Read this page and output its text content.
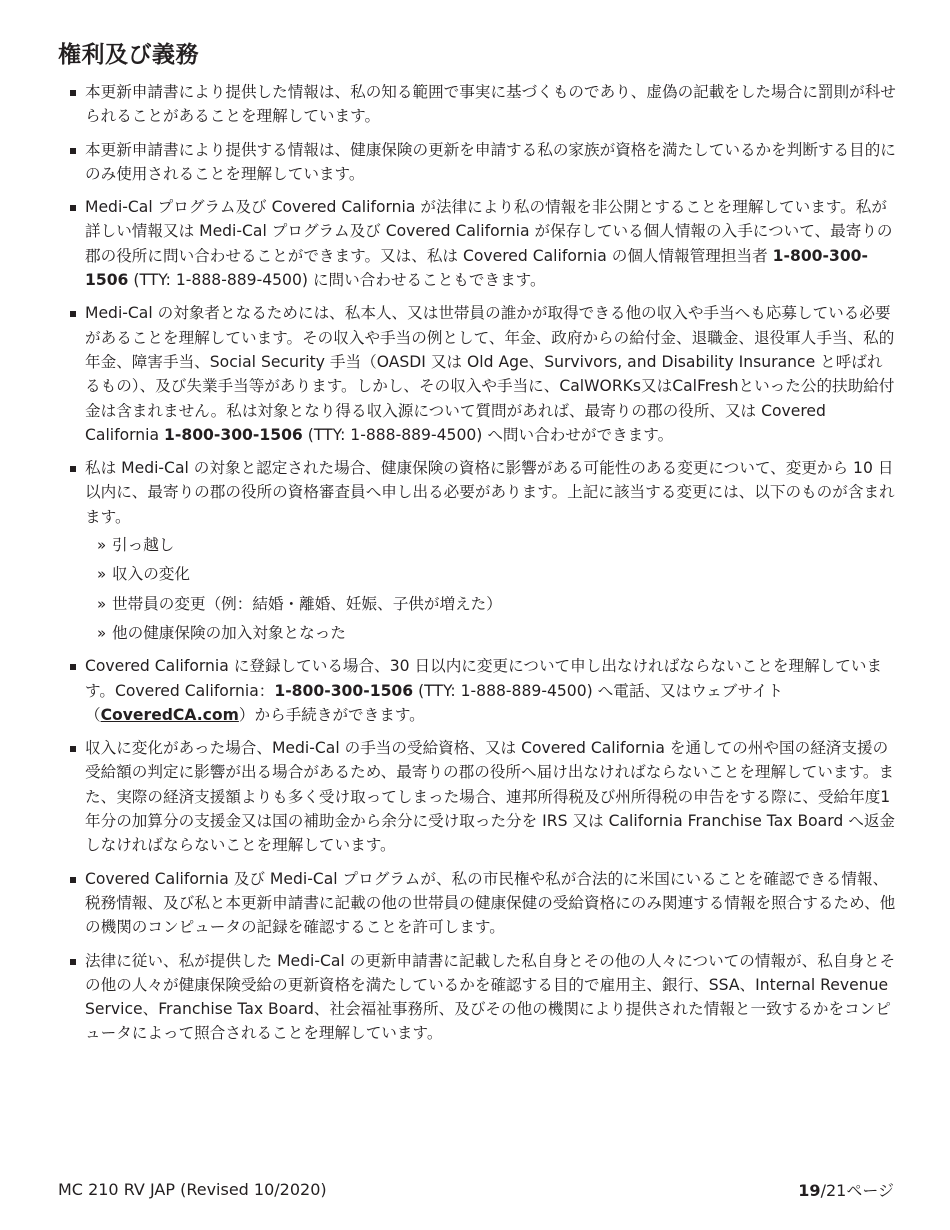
権利及び義務
本更新申請書により提供した情報は、私の知る範囲で事実に基づくものであり、虚偽の記載をした場合に罰則が科せられることがあることを理解しています。
本更新申請書により提供する情報は、健康保険の更新を申請する私の家族が資格を満たしているかを判断する目的にのみ使用されることを理解しています。
Medi-Cal プログラム及び Covered California が法律により私の情報を非公開とすることを理解しています。私が詳しい情報又は Medi-Cal プログラム及び Covered California が保存している個人情報の入手について、最寄りの郡の役所に問い合わせることができます。又は、私は Covered California の個人情報管理担当者 1-800-300-1506 (TTY: 1-888-889-4500) に問い合わせることもできます。
Medi-Cal の対象者となるためには、私本人、又は世帯員の誰かが取得できる他の収入や手当へも応募している必要があることを理解しています。その収入や手当の例として、年金、政府からの給付金、退職金、退役軍人手当、私的年金、障害手当、Social Security 手当（OASDI 又は Old Age、Survivors, and Disability Insurance と呼ばれるもの）、及び失業手当等があります。しかし、その収入や手当に、CalWORKs又はCalFreshといった公的扶助給付金は含まれません。私は対象となり得る収入源について質問があれば、最寄りの郡の役所、又は Covered California 1-800-300-1506 (TTY: 1-888-889-4500) へ問い合わせができます。
私は Medi-Cal の対象と認定された場合、健康保険の資格に影響がある可能性のある変更について、変更から 10 日以内に、最寄りの郡の役所の資格審査員へ申し出る必要があります。上記に該当する変更には、以下のものが含まれます。
» 引っ越し
» 収入の変化
» 世帯員の変更（例：結婚・離婚、妊娠、子供が増えた）
» 他の健康保険の加入対象となった
Covered California に登録している場合、30 日以内に変更について申し出なければならないことを理解しています。Covered California：1-800-300-1506 (TTY: 1-888-889-4500) へ電話、又はウェブサイト（CoveredCA.com）から手続きができます。
収入に変化があった場合、Medi-Cal の手当の受給資格、又は Covered California を通しての州や国の経済支援の受給額の判定に影響が出る場合があるため、最寄りの郡の役所へ届け出なければならないことを理解しています。また、実際の経済支援額よりも多く受け取ってしまった場合、連邦所得税及び州所得税の申告をする際に、受給年度1年分の加算分の支援金又は国の補助金から余分に受け取った分を IRS 又は California Franchise Tax Board へ返金しなければならないことを理解しています。
Covered California 及び Medi-Cal プログラムが、私の市民権や私が合法的に米国にいることを確認できる情報、税務情報、及び私と本更新申請書に記載の他の世帯員の健康保健の受給資格にのみ関連する情報を照合するため、他の機関のコンピュータの記録を確認することを許可します。
法律に従い、私が提供した Medi-Cal の更新申請書に記載した私自身とその他の人々についての情報が、私自身とその他の人々が健康保険受給の更新資格を満たしているかを確認する目的で雇用主、銀行、SSA、Internal Revenue Service、Franchise Tax Board、社会福祉事務所、及びその他の機関により提供された情報と一致するかをコンピュータによって照合されることを理解しています。
MC 210 RV JAP (Revised 10/2020)	19/21ページ
